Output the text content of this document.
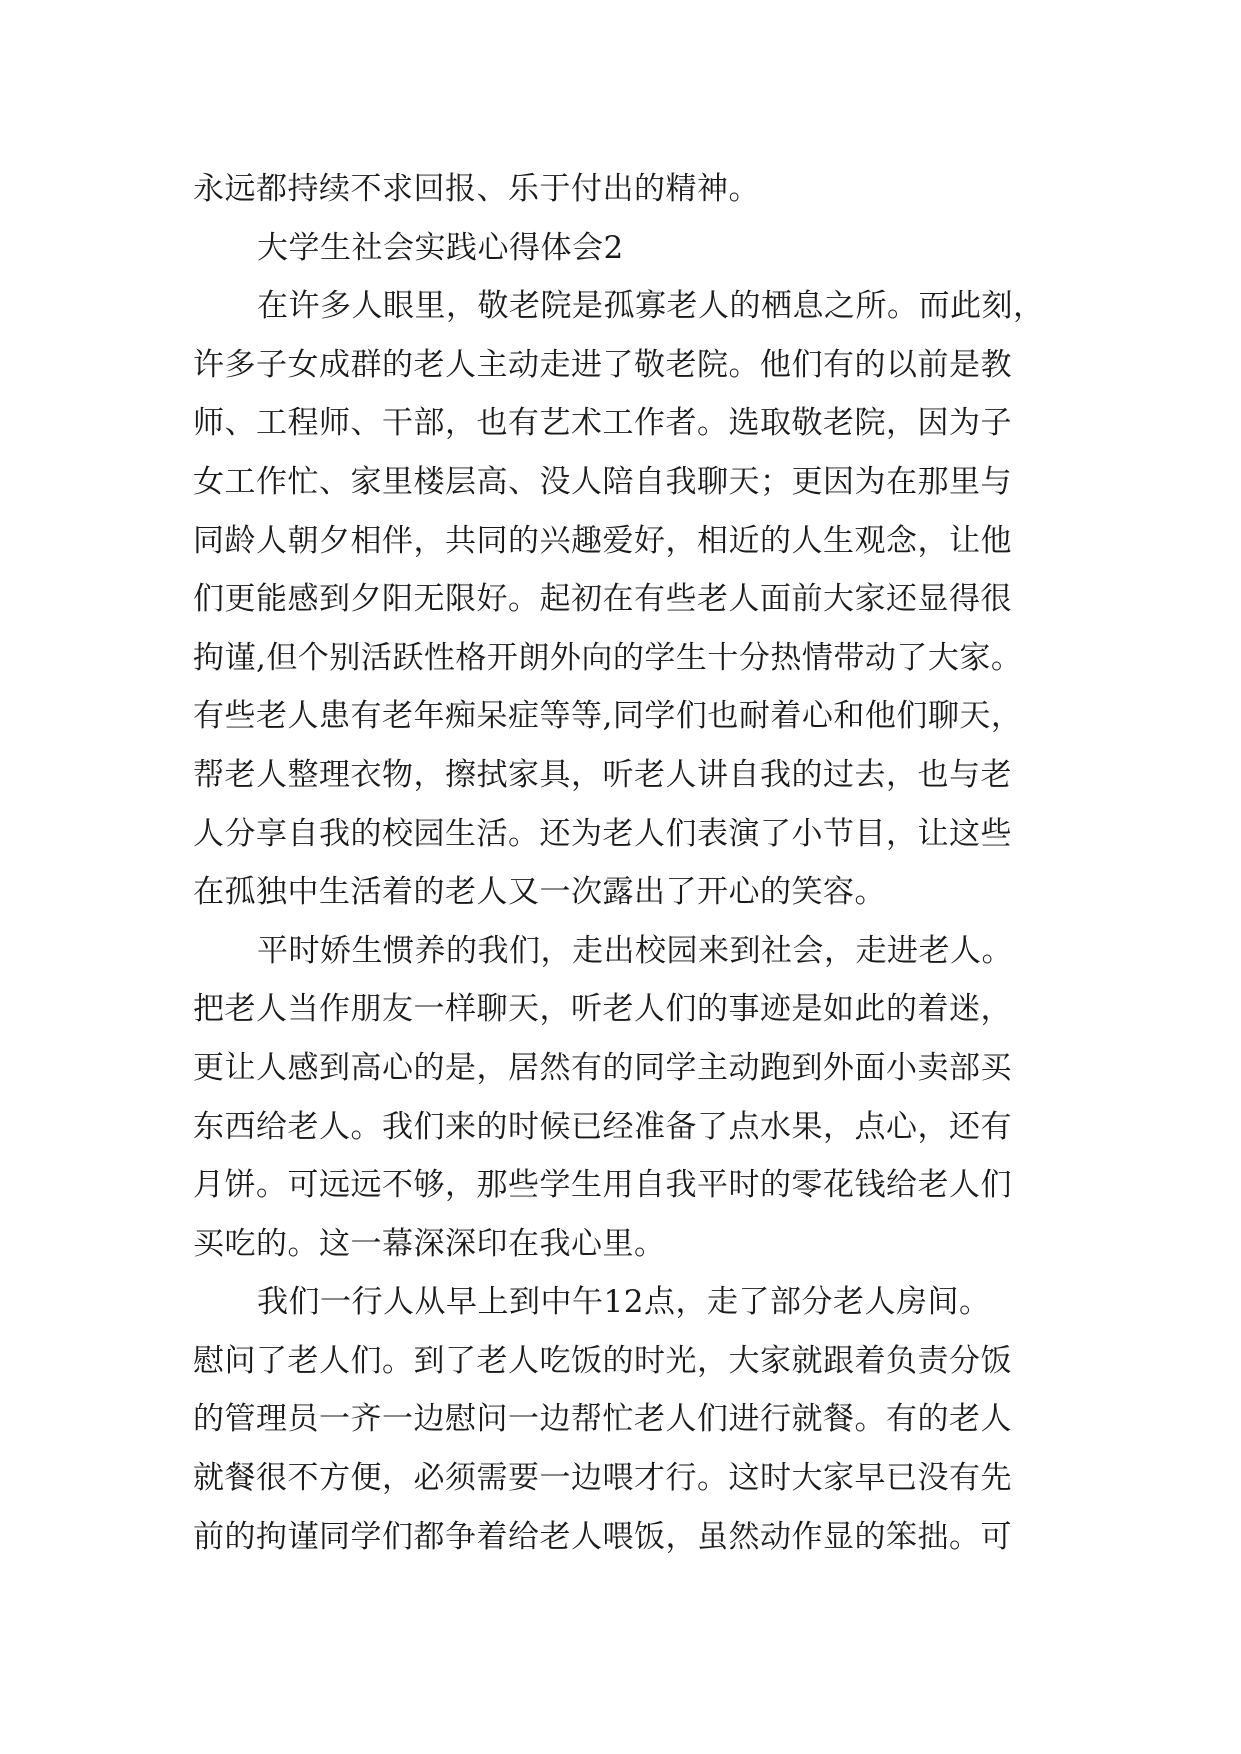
永远都持续不求回报、乐于付出的精神。
大学生社会实践心得体会2
在许多人眼里，敬老院是孤寡老人的栖息之所。而此刻，
许多子女成群的老人主动走进了敬老院。他们有的以前是教
师、工程师、干部，也有艺术工作者。选取敬老院，因为子
女工作忙、家里楼层高、没人陪自我聊天；更因为在那里与
同龄人朝夕相伴，共同的兴趣爱好，相近的人生观念，让他
们更能感到夕阳无限好。起初在有些老人面前大家还显得很
拘谨,但个别活跃性格开朗外向的学生十分热情带动了大家。
有些老人患有老年痴呆症等等,同学们也耐着心和他们聊天，
帮老人整理衣物，擦拭家具，听老人讲自我的过去，也与老
人分享自我的校园生活。还为老人们表演了小节目，让这些
在孤独中生活着的老人又一次露出了开心的笑容。
平时娇生惯养的我们，走出校园来到社会，走进老人。
把老人当作朋友一样聊天，听老人们的事迹是如此的着迷，
更让人感到高心的是，居然有的同学主动跑到外面小卖部买
东西给老人。我们来的时候已经准备了点水果，点心，还有
月饼。可远远不够，那些学生用自我平时的零花钱给老人们
买吃的。这一幕深深印在我心里。
我们一行人从早上到中午12点，走了部分老人房间。
慰问了老人们。到了老人吃饭的时光，大家就跟着负责分饭
的管理员一齐一边慰问一边帮忙老人们进行就餐。有的老人
就餐很不方便，必须需要一边喂才行。这时大家早已没有先
前的拘谨同学们都争着给老人喂饭，虽然动作显的笨拙。可
